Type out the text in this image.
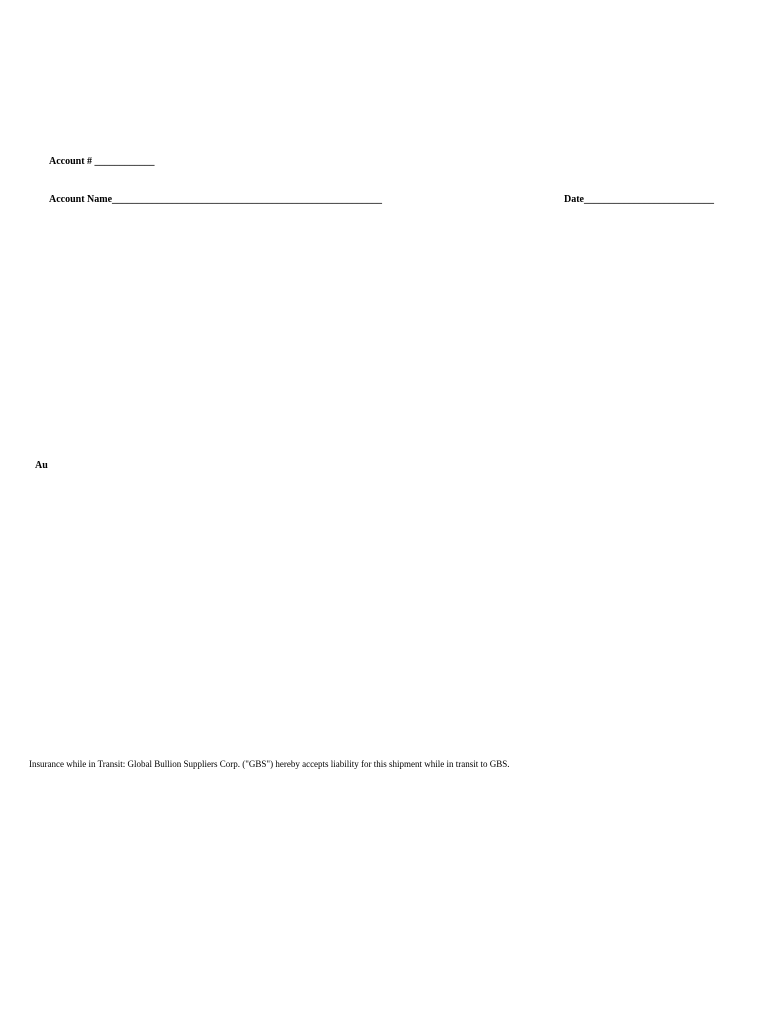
Account # ____________
Account Name______________________________________________________	Date__________________________
Au
Insurance while in Transit: Global Bullion Suppliers Corp. ("GBS") hereby accepts liability for this shipment while in transit to GBS.
